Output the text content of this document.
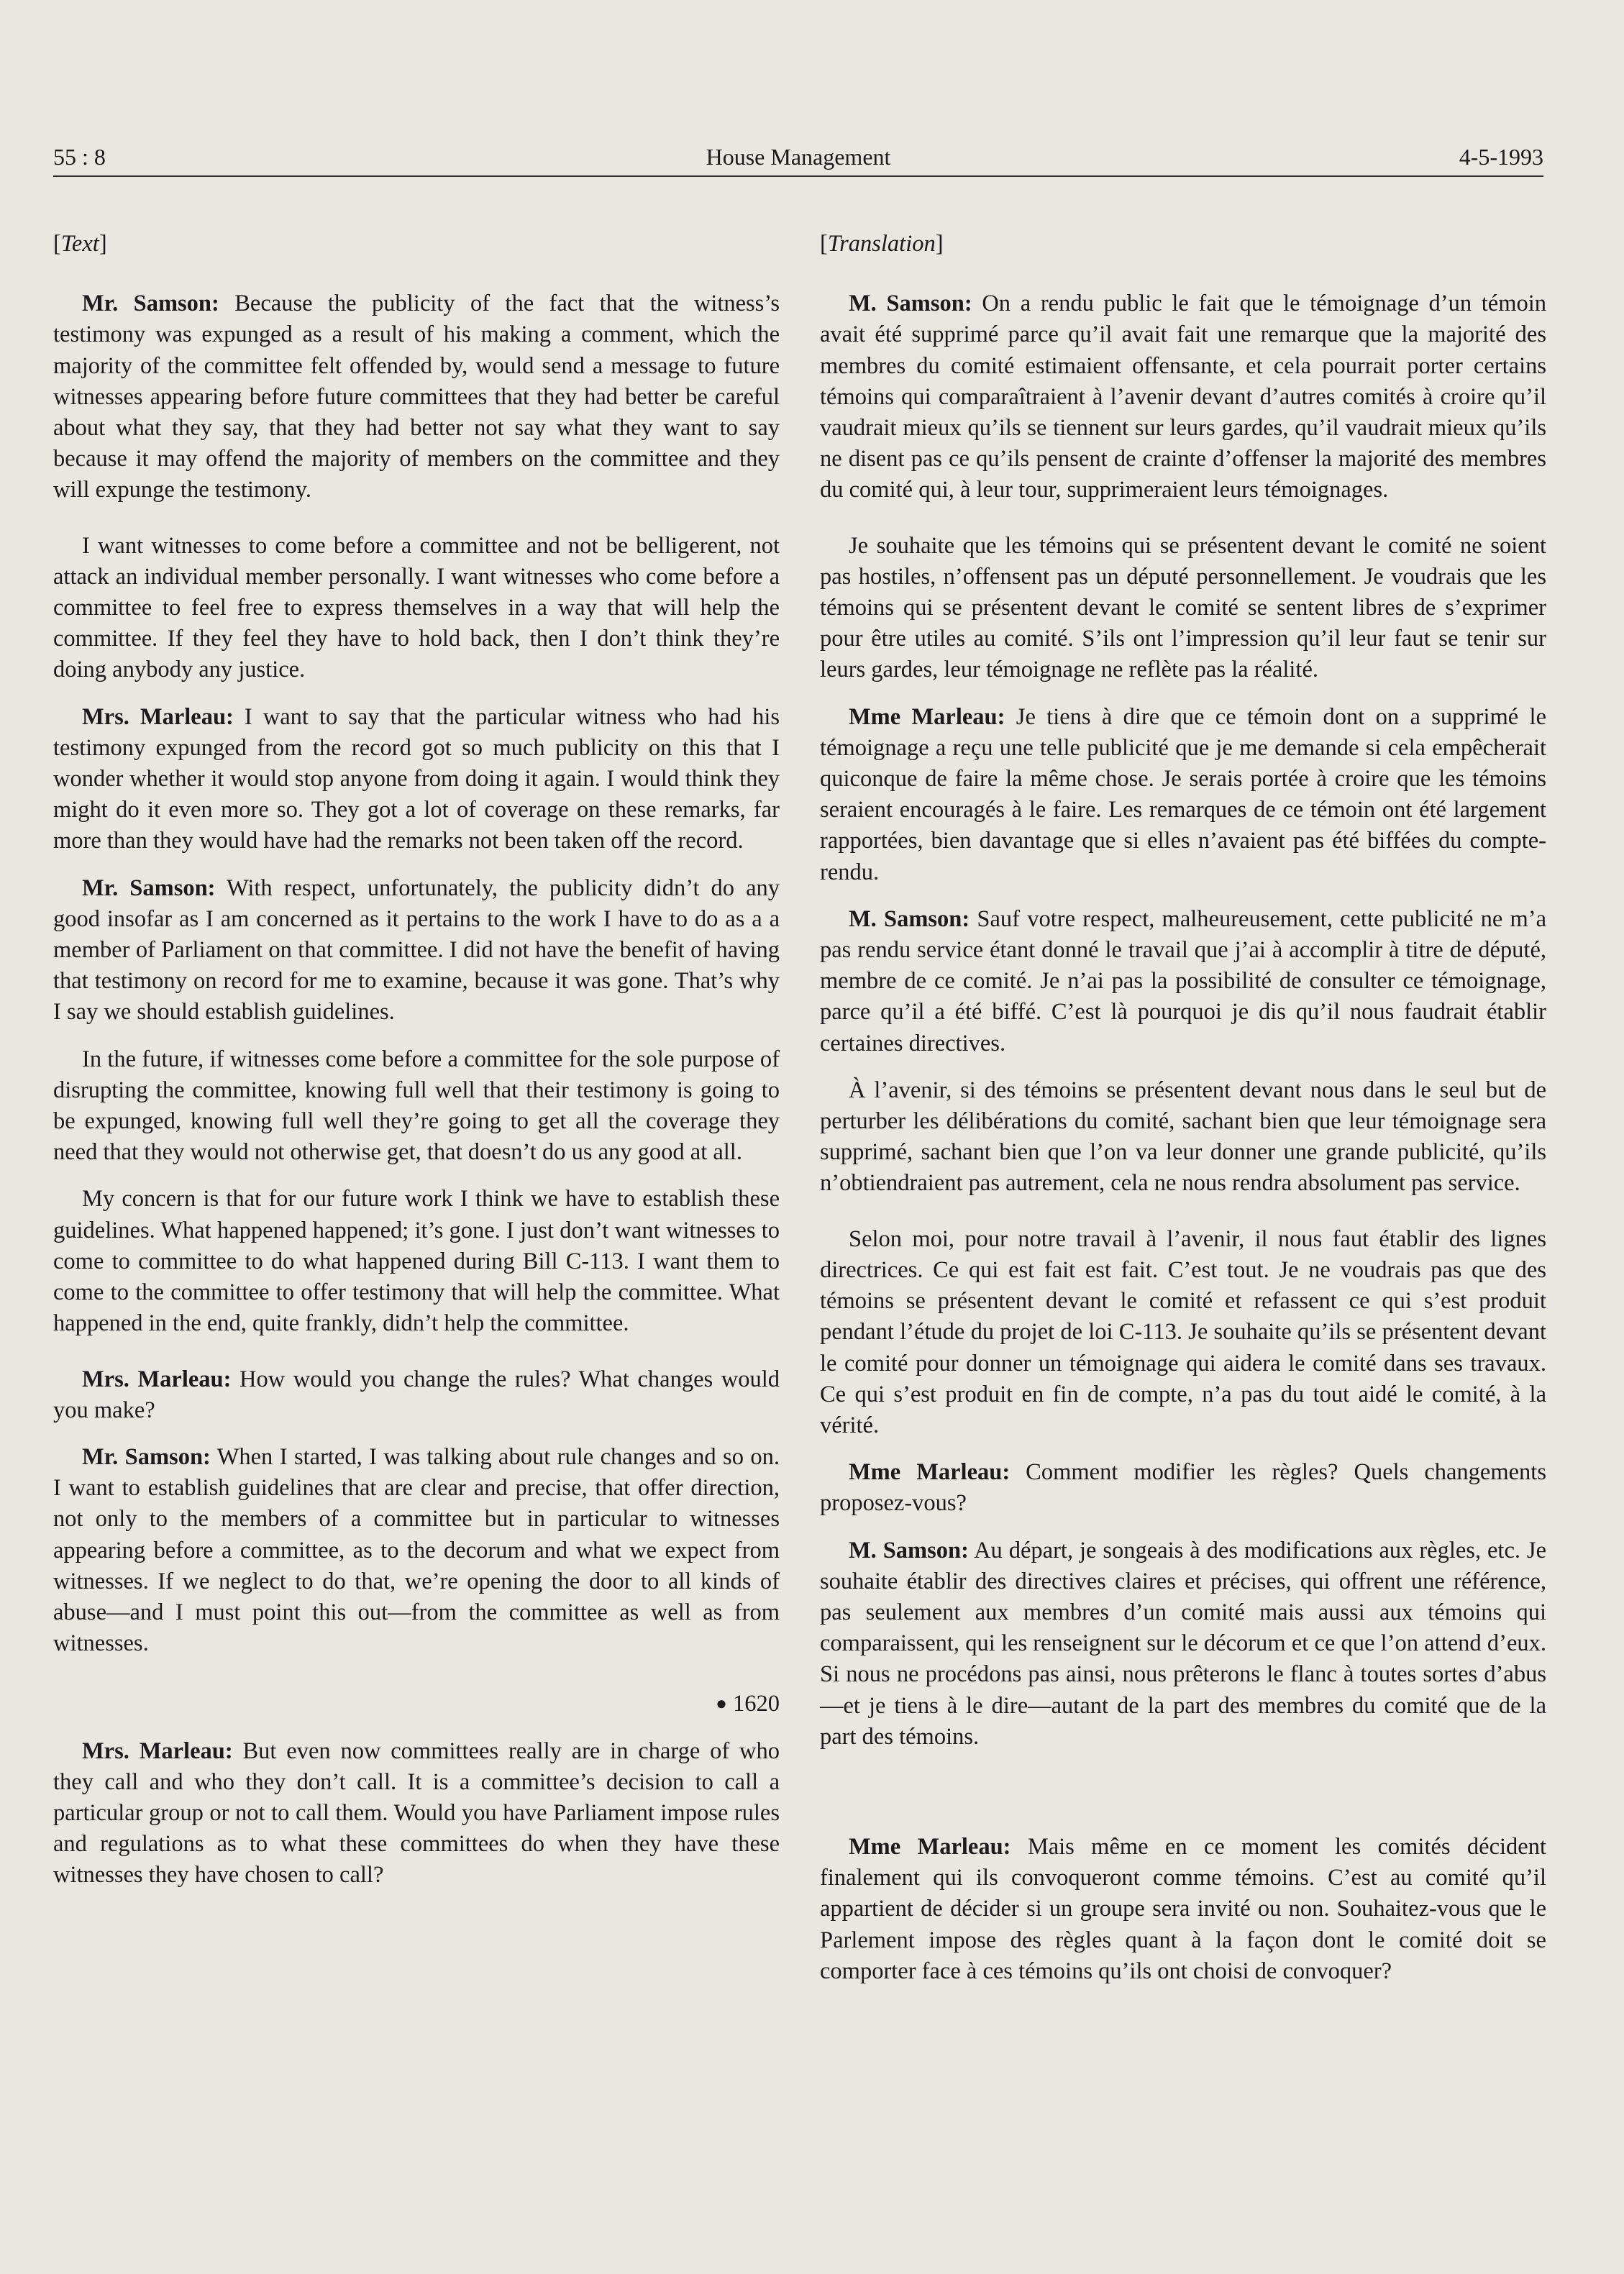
55 : 8	House Management	4-5-1993
[Text]

Mr. Samson: Because the publicity of the fact that the witness’s testimony was expunged as a result of his making a comment, which the majority of the committee felt offended by, would send a message to future witnesses appearing before future committees that they had better be careful about what they say, that they had better not say what they want to say because it may offend the majority of members on the committee and they will expunge the testimony.

I want witnesses to come before a committee and not be belligerent, not attack an individual member personally. I want witnesses who come before a committee to feel free to express themselves in a way that will help the committee. If they feel they have to hold back, then I don’t think they’re doing anybody any justice.

Mrs. Marleau: I want to say that the particular witness who had his testimony expunged from the record got so much publicity on this that I wonder whether it would stop anyone from doing it again. I would think they might do it even more so. They got a lot of coverage on these remarks, far more than they would have had the remarks not been taken off the record.

Mr. Samson: With respect, unfortunately, the publicity didn’t do any good insofar as I am concerned as it pertains to the work I have to do as a a member of Parliament on that committee. I did not have the benefit of having that testimony on record for me to examine, because it was gone. That’s why I say we should establish guidelines.

In the future, if witnesses come before a committee for the sole purpose of disrupting the committee, knowing full well that their testimony is going to be expunged, knowing full well they’re going to get all the coverage they need that they would not otherwise get, that doesn’t do us any good at all.

My concern is that for our future work I think we have to establish these guidelines. What happened happened; it’s gone. I just don’t want witnesses to come to committee to do what happened during Bill C-113. I want them to come to the committee to offer testimony that will help the committee. What happened in the end, quite frankly, didn’t help the committee.

Mrs. Marleau: How would you change the rules? What changes would you make?

Mr. Samson: When I started, I was talking about rule changes and so on. I want to establish guidelines that are clear and precise, that offer direction, not only to the members of a committee but in particular to witnesses appearing before a committee, as to the decorum and what we expect from witnesses. If we neglect to do that, we’re opening the door to all kinds of abuse—and I must point this out—from the committee as well as from witnesses.

● 1620

Mrs. Marleau: But even now committees really are in charge of who they call and who they don’t call. It is a committee’s decision to call a particular group or not to call them. Would you have Parliament impose rules and regulations as to what these committees do when they have these witnesses they have chosen to call?

[Translation]

M. Samson: On a rendu public le fait que le témoignage d’un témoin avait été supprimé parce qu’il avait fait une remarque que la majorité des membres du comité estimaient offensante, et cela pourrait porter certains témoins qui comparaîtraient à l’avenir devant d’autres comités à croire qu’il vaudrait mieux qu’ils se tiennent sur leurs gardes, qu’il vaudrait mieux qu’ils ne disent pas ce qu’ils pensent de crainte d’offenser la majorité des membres du comité qui, à leur tour, supprimeraient leurs témoignages.

Je souhaite que les témoins qui se présentent devant le comité ne soient pas hostiles, n’offensent pas un député personnellement. Je voudrais que les témoins qui se présentent devant le comité se sentent libres de s’exprimer pour être utiles au comité. S’ils ont l’impression qu’il leur faut se tenir sur leurs gardes, leur témoignage ne reflète pas la réalité.

Mme Marleau: Je tiens à dire que ce témoin dont on a supprimé le témoignage a reçu une telle publicité que je me demande si cela empêcherait quiconque de faire la même chose. Je serais portée à croire que les témoins seraient encouragés à le faire. Les remarques de ce témoin ont été largement rapportées, bien davantage que si elles n’avaient pas été biffées du compte-rendu.

M. Samson: Sauf votre respect, malheureusement, cette publicité ne m’a pas rendu service étant donné le travail que j’ai à accomplir à titre de député, membre de ce comité. Je n’ai pas la possibilité de consulter ce témoignage, parce qu’il a été biffé. C’est là pourquoi je dis qu’il nous faudrait établir certaines directives.

À l’avenir, si des témoins se présentent devant nous dans le seul but de perturber les délibérations du comité, sachant bien que leur témoignage sera supprimé, sachant bien que l’on va leur donner une grande publicité, qu’ils n’obtiendraient pas autrement, cela ne nous rendra absolument pas service.

Selon moi, pour notre travail à l’avenir, il nous faut établir des lignes directrices. Ce qui est fait est fait. C’est tout. Je ne voudrais pas que des témoins se présentent devant le comité et refassent ce qui s’est produit pendant l’étude du projet de loi C-113. Je souhaite qu’ils se présentent devant le comité pour donner un témoignage qui aidera le comité dans ses travaux. Ce qui s’est produit en fin de compte, n’a pas du tout aidé le comité, à la vérité.

Mme Marleau: Comment modifier les règles? Quels changements proposez-vous?

M. Samson: Au départ, je songeais à des modifications aux règles, etc. Je souhaite établir des directives claires et précises, qui offrent une référence, pas seulement aux membres d’un comité mais aussi aux témoins qui comparaissent, qui les renseignent sur le décorum et ce que l’on attend d’eux. Si nous ne procédons pas ainsi, nous prêterons le flanc à toutes sortes d’abus—et je tiens à le dire—autant de la part des membres du comité que de la part des témoins.

Mme Marleau: Mais même en ce moment les comités décident finalement qui ils convoqueront comme témoins. C’est au comité qu’il appartient de décider si un groupe sera invité ou non. Souhaitez-vous que le Parlement impose des règles quant à la façon dont le comité doit se comporter face à ces témoins qu’ils ont choisi de convoquer?
